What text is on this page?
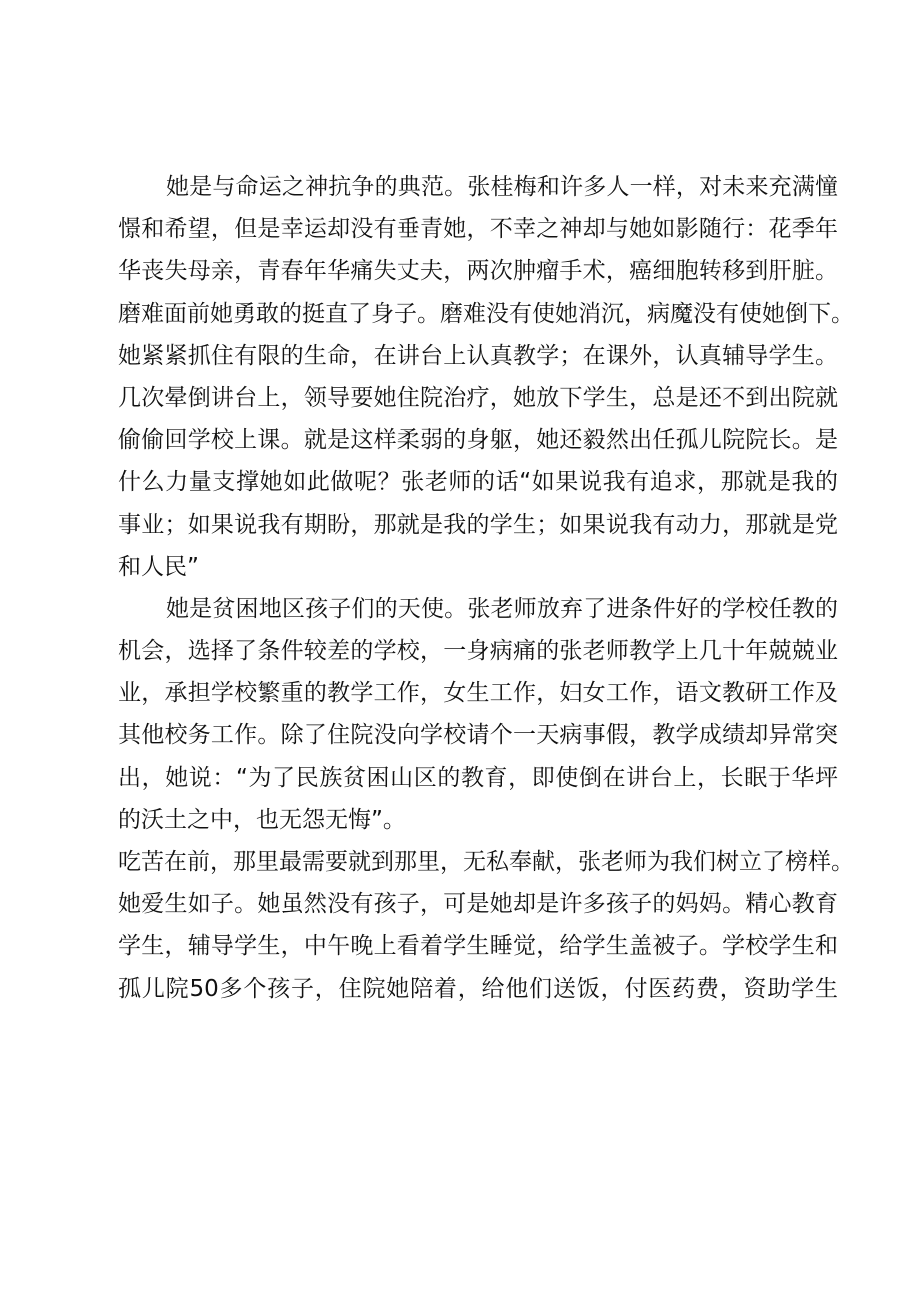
她是与命运之神抗争的典范。张桂梅和许多人一样，对未来充满憧
憬和希望，但是幸运却没有垂青她，不幸之神却与她如影随行：花季年
华丧失母亲，青春年华痛失丈夫，两次肿瘤手术，癌细胞转移到肝脏。
磨难面前她勇敢的挺直了身子。磨难没有使她消沉，病魔没有使她倒下。
她紧紧抓住有限的生命，在讲台上认真教学；在课外，认真辅导学生。
几次晕倒讲台上，领导要她住院治疗，她放下学生，总是还不到出院就
偷偷回学校上课。就是这样柔弱的身躯，她还毅然出任孤儿院院长。是
什么力量支撑她如此做呢？张老师的话“如果说我有追求，那就是我的
事业；如果说我有期盼，那就是我的学生；如果说我有动力，那就是党
和人民”
她是贫困地区孩子们的天使。张老师放弃了进条件好的学校任教的
机会，选择了条件较差的学校，一身病痛的张老师教学上几十年兢兢业
业，承担学校繁重的教学工作，女生工作，妇女工作，语文教研工作及
其他校务工作。除了住院没向学校请个一天病事假，教学成绩却异常突
出，她说：“为了民族贫困山区的教育，即使倒在讲台上，长眠于华坪
的沃土之中，也无怨无悔”。
吃苦在前，那里最需要就到那里，无私奉献，张老师为我们树立了榜样。
她爱生如子。她虽然没有孩子，可是她却是许多孩子的妈妈。精心教育
学生，辅导学生，中午晚上看着学生睡觉，给学生盖被子。学校学生和
孤儿院50多个孩子，住院她陪着，给他们送饭，付医药费，资助学生
